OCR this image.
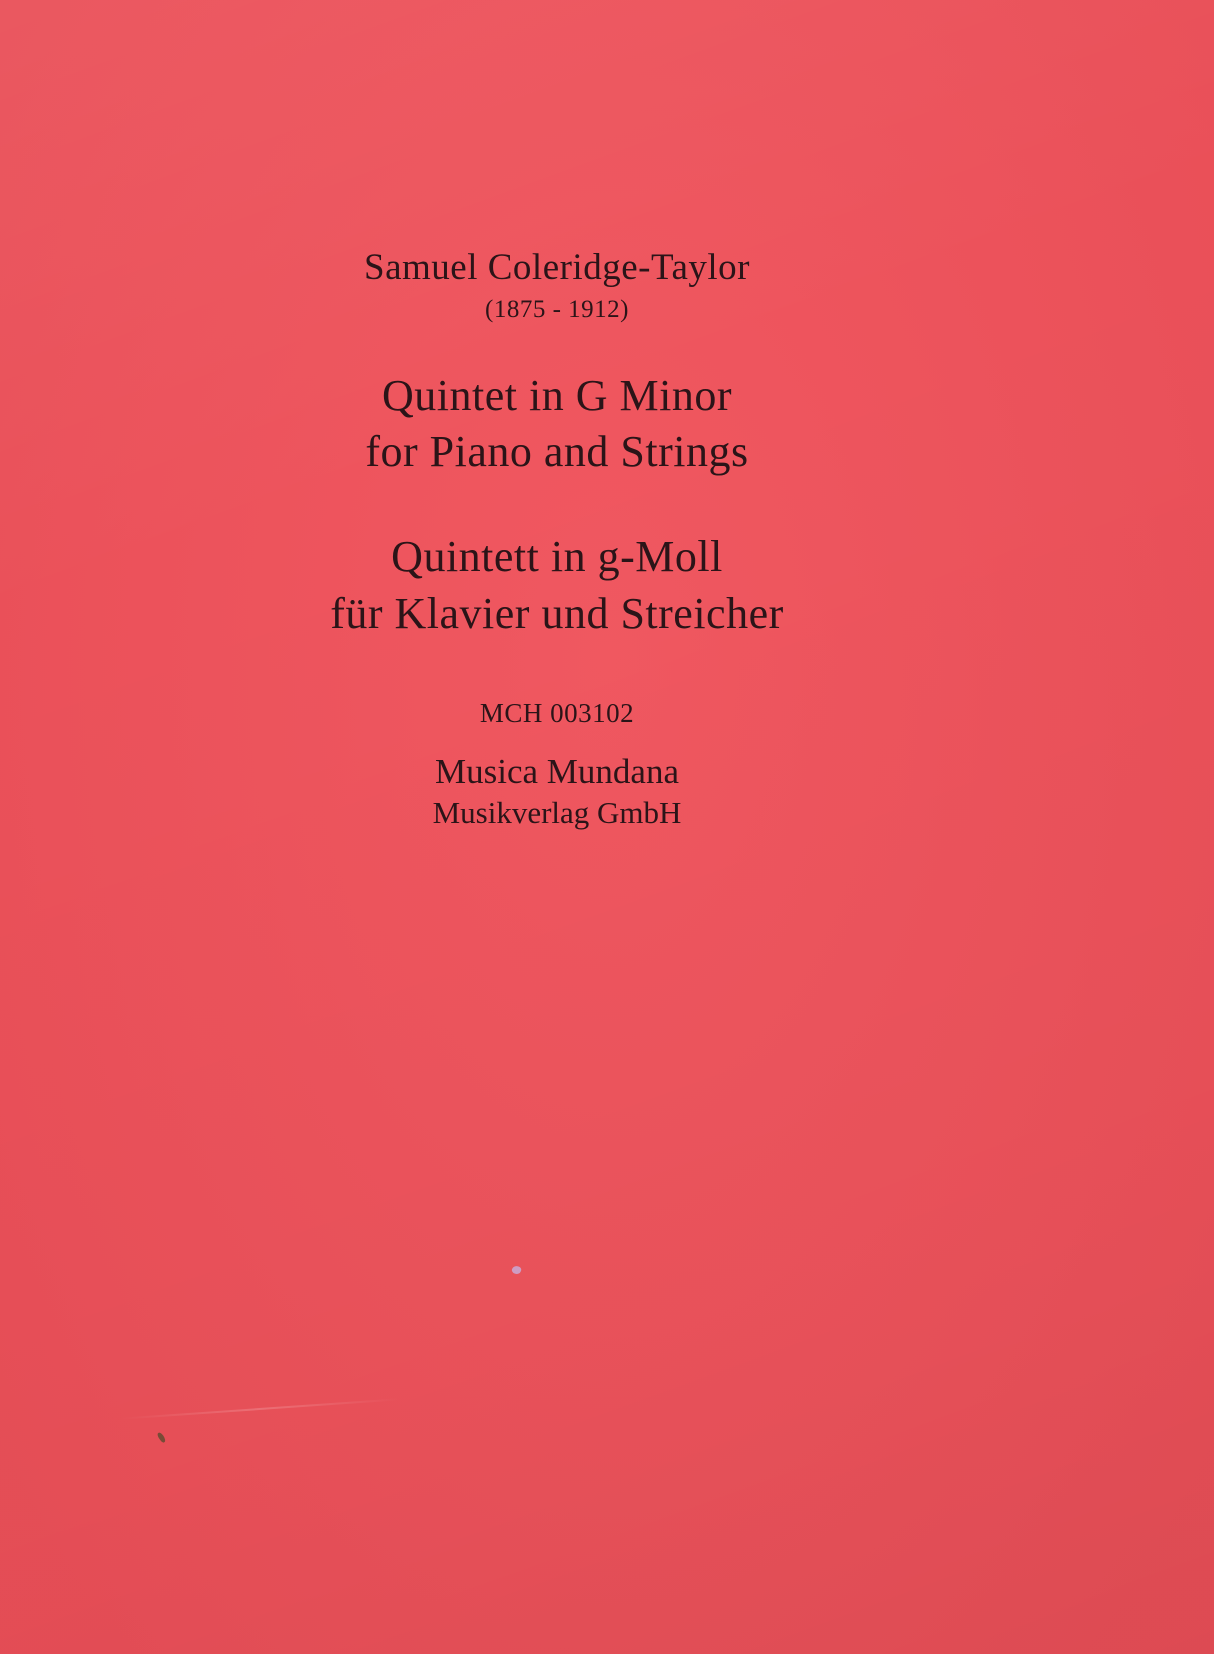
Samuel Coleridge-Taylor
(1875 - 1912)
Quintet in G Minor
for Piano and Strings
Quintett in g-Moll
für Klavier und Streicher
MCH 003102
Musica Mundana
Musikverlag GmbH
